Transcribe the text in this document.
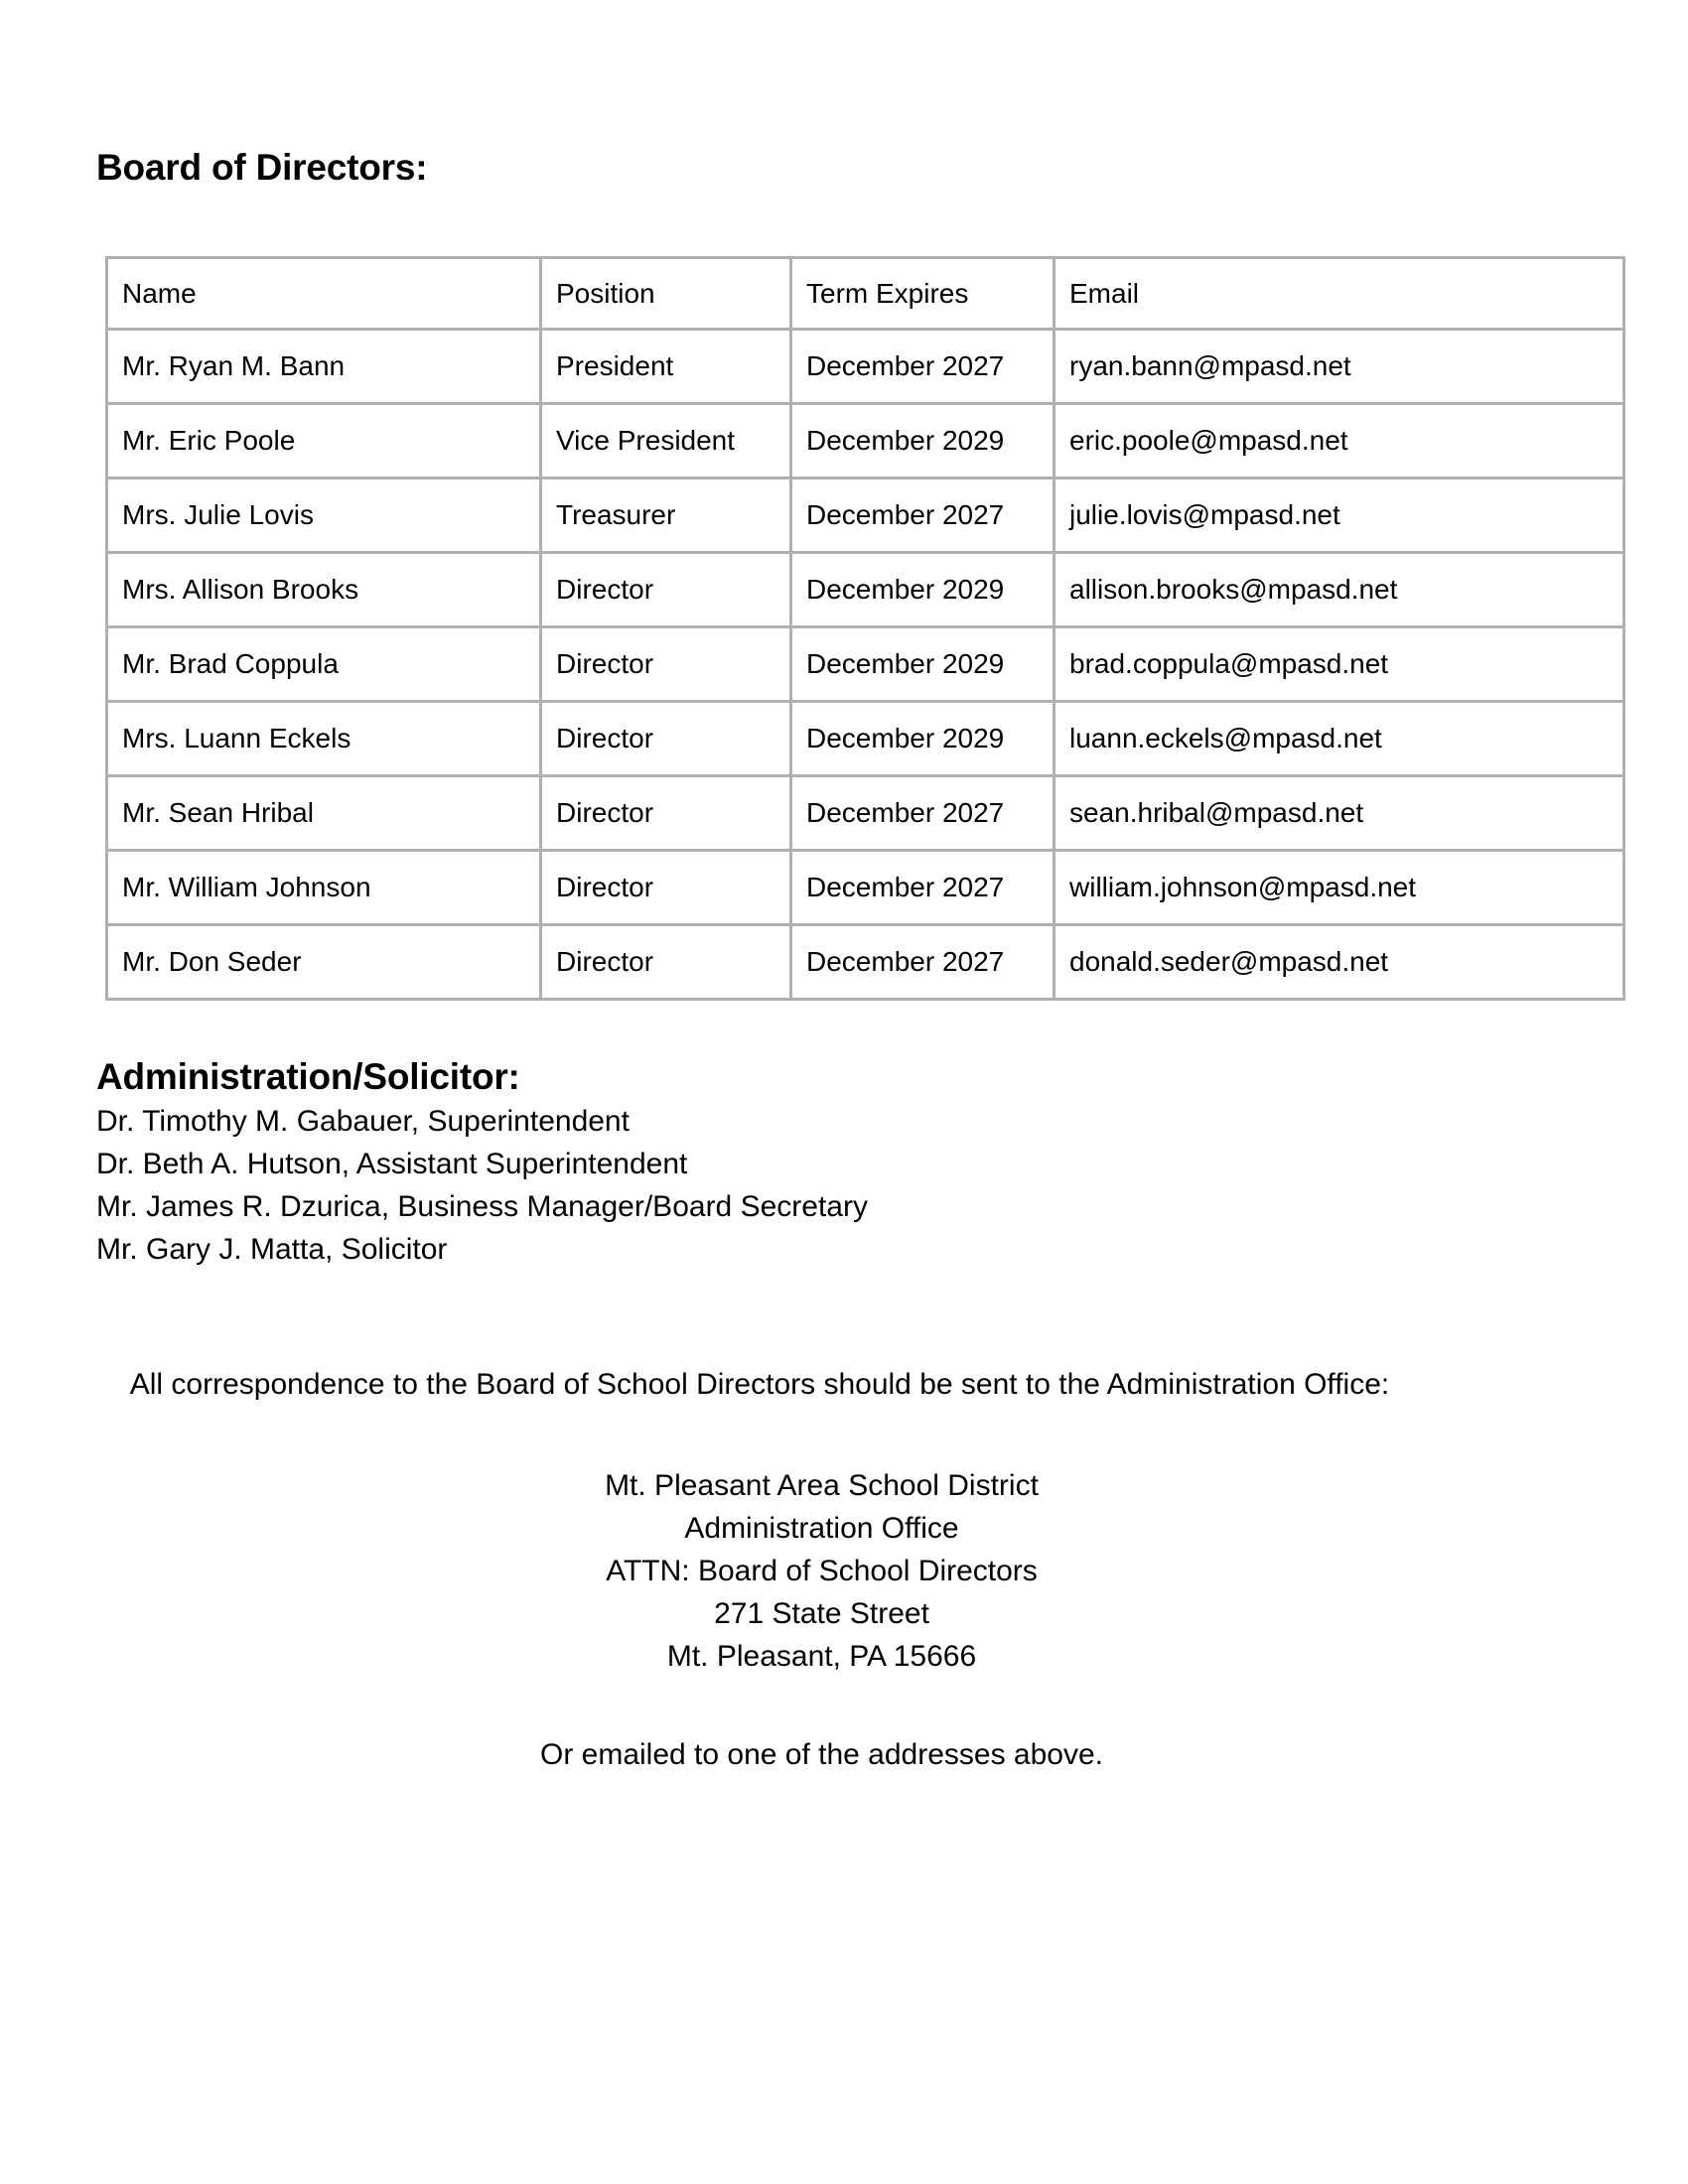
Board of Directors:
Name	Position	Term Expires	Email
Mr. Ryan M. Bann	President	December 2027	ryan.bann@mpasd.net
Mr. Eric Poole	Vice President	December 2029	eric.poole@mpasd.net
Mrs. Julie Lovis	Treasurer	December 2027	julie.lovis@mpasd.net
Mrs. Allison Brooks	Director	December 2029	allison.brooks@mpasd.net
Mr. Brad Coppula	Director	December 2029	brad.coppula@mpasd.net
Mrs. Luann Eckels	Director	December 2029	luann.eckels@mpasd.net
Mr. Sean Hribal	Director	December 2027	sean.hribal@mpasd.net
Mr. William Johnson	Director	December 2027	william.johnson@mpasd.net
Mr. Don Seder	Director	December 2027	donald.seder@mpasd.net
Administration/Solicitor:
Dr. Timothy M. Gabauer, Superintendent
Dr. Beth A. Hutson, Assistant Superintendent
Mr. James R. Dzurica, Business Manager/Board Secretary
Mr. Gary J. Matta, Solicitor
All correspondence to the Board of School Directors should be sent to the Administration Office:
Mt. Pleasant Area School District
Administration Office
ATTN: Board of School Directors
271 State Street
Mt. Pleasant, PA 15666
Or emailed to one of the addresses above.
